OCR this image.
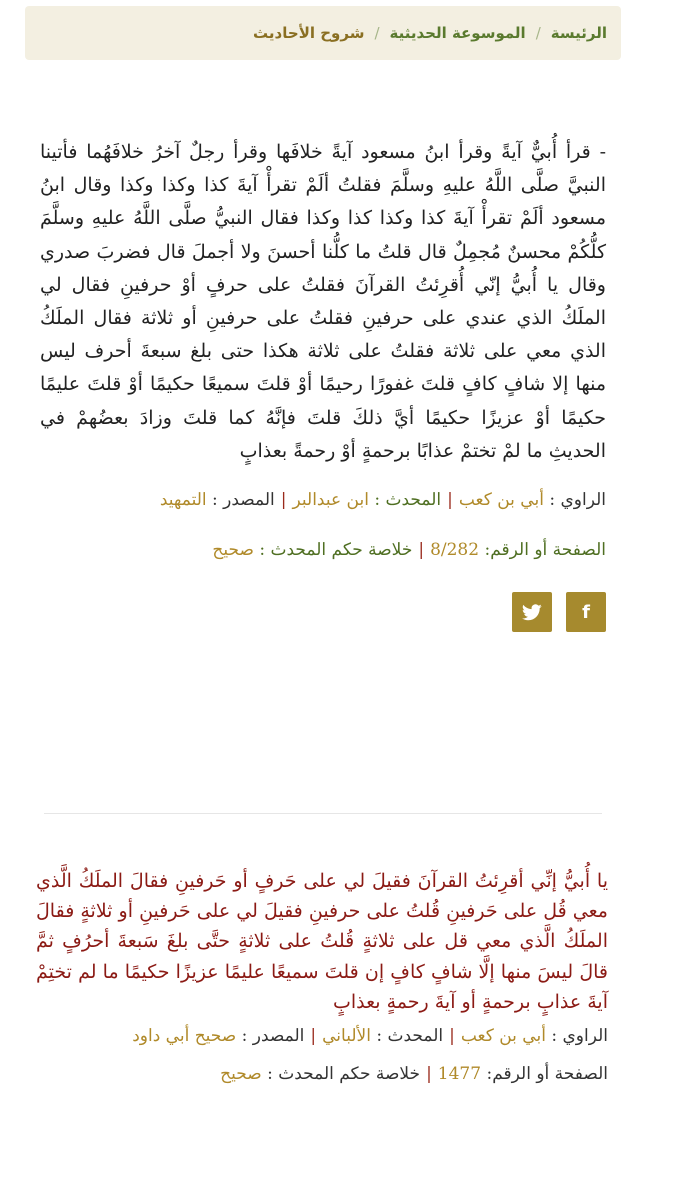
الرئيسة
/
الموسوعة الحديثية
/
شروح الأحاديث

- قرأ أُبيٌّ آيةً وقرأ ابنُ مسعود آيةً خلافَها وقرأ رجلٌ آخرُ خلافَهُما فأتينا النبيَّ صلَّى اللَّهُ عليهِ وسلَّمَ فقلتُ ألَمْ تقرأْ آيةَ كذا وكذا وكذا وقال ابنُ مسعود ألَمْ تقرأْ آيةَ كذا وكذا كذا وكذا فقال النبيُّ صلَّى اللَّهُ عليهِ وسلَّمَ كلُّكُمْ محسنٌ مُجمِلٌ قال قلتُ ما كلُّنا أحسنَ ولا أجملَ قال فضربَ صدري وقال يا أُبيُّ إنّي أُقرِئتُ القرآنَ فقلتُ على حرفٍ أوْ حرفينِ فقال لي الملَكُ الذي عندي على حرفينِ فقلتُ على حرفينِ أو ثلاثة فقال الملَكُ الذي معي على ثلاثة فقلتُ على ثلاثة هكذا حتى بلغ سبعةَ أحرف ليس منها إلا شافٍ كافٍ قلتَ غفورًا رحيمًا أوْ قلتَ سميعًا حكيمًا أوْ قلتَ عليمًا حكيمًا أوْ عزيزًا حكيمًا أيَّ ذلكَ قلتَ فإنَّهُ كما قلتَ وزادَ بعضُهمْ في الحديثِ ما لمْ تختمْ عذابًا برحمةٍ أوْ رحمةً بعذابٍ

الراوي : أبي بن كعب|المحدث : ابن عبدالبر|المصدر : التمهيد
الصفحة أو الرقم: 8/282|خلاصة حكم المحدث : صحيح
f

يا أُبيُّ إنِّي أقرِئتُ القرآنَ فقيلَ لي على حَرفٍ أو حَرفينِ فقالَ الملَكُ الَّذي معي قُل على حَرفينِ قُلتُ على حرفينِ فقيلَ لي على حَرفينِ أو ثلاثةٍ فقالَ الملَكُ الَّذي معي قل على ثلاثةٍ قُلتُ على ثلاثةٍ حتَّى بلغَ سَبعةَ أحرُفٍ ثمَّ قالَ ليسَ منها إلَّا شافٍ كافٍ إن قلتَ سميعًا عليمًا عزيزًا حكيمًا ما لم تختِمْ آيةَ عذابٍ برحمةٍ أو آيةَ رحمةٍ بعذابٍ

الراوي : أبي بن كعب|المحدث : الألباني|المصدر : صحيح أبي داود
الصفحة أو الرقم: 1477|خلاصة حكم المحدث : صحيح
